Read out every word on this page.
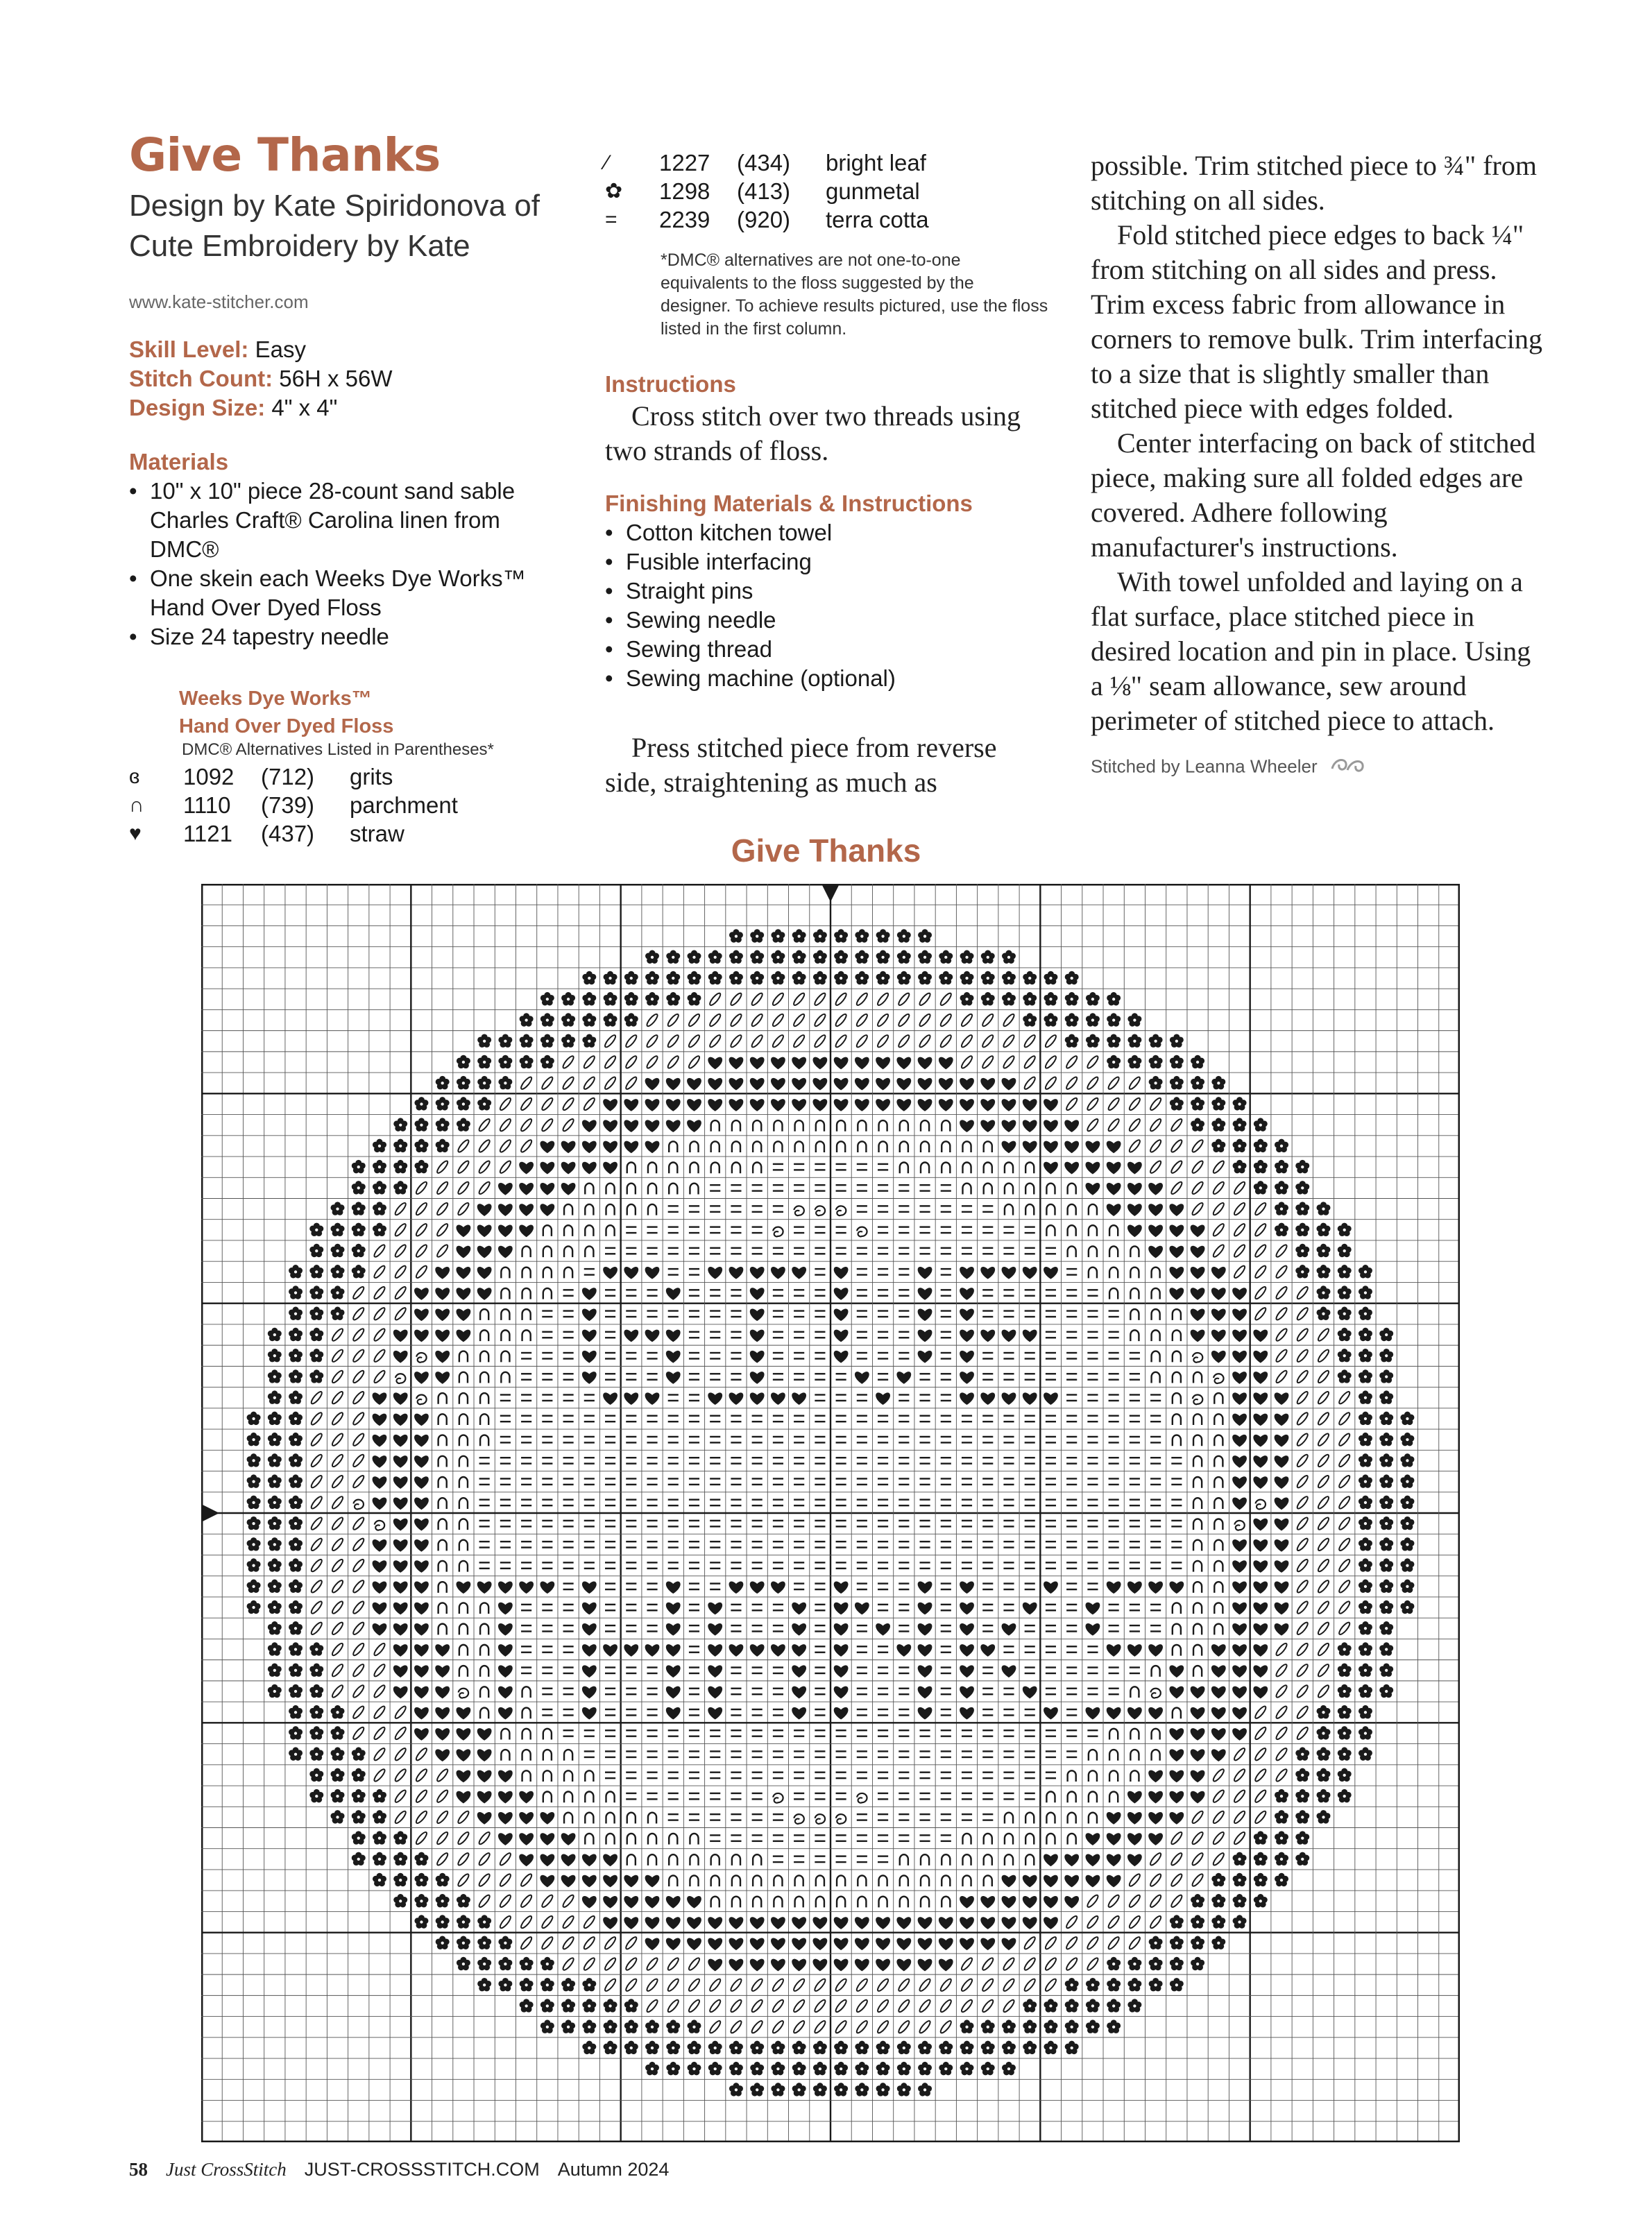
Give Thanks

Design by Kate Spiridonova of

Cute Embroidery by Kate

www.kate-stitcher.com

Skill Level: Easy
Stitch Count: 56H x 56W
Design Size: 4" x 4"

Materials

• 10" x 10" piece 28-count sand sable Charles Craft® Carolina linen from DMC®
• One skein each Weeks Dye Works™ Hand Over Dyed Floss
• Size 24 tapestry needle

Weeks Dye Works™

Hand Over Dyed Floss

DMC® Alternatives Listed in Parentheses*

ɞ	1092	(712)	grits
∩	1110	(739)	parchment
♥	1121	(437)	straw
⁄	1227	(434)	bright leaf
✿	1298	(413)	gunmetal
=	2239	(920)	terra cotta

*DMC® alternatives are not one-to-one equivalents to the floss suggested by the designer. To achieve results pictured, use the floss listed in the first column.

Instructions

Cross stitch over two threads using two strands of floss.

Finishing Materials & Instructions

• Cotton kitchen towel
• Fusible interfacing
• Straight pins
• Sewing needle
• Sewing thread
• Sewing machine (optional)

Press stitched piece from reverse side, straightening as much as

possible. Trim stitched piece to ¾" from stitching on all sides.

Fold stitched piece edges to back ¼" from stitching on all sides and press. Trim excess fabric from allowance in corners to remove bulk. Trim interfacing to a size that is slightly smaller than stitched piece with edges folded.

Center interfacing on back of stitched piece, making sure all folded edges are covered. Adhere following manufacturer's instructions.

With towel unfolded and laying on a flat surface, place stitched piece in desired location and pin in place. Using a ⅛" seam allowance, sew around perimeter of stitched piece to attach.

Stitched by Leanna Wheeler
Give Thanks
58 Just CrossStitch JUST-CROSSSTITCH.COM Autumn 2024
